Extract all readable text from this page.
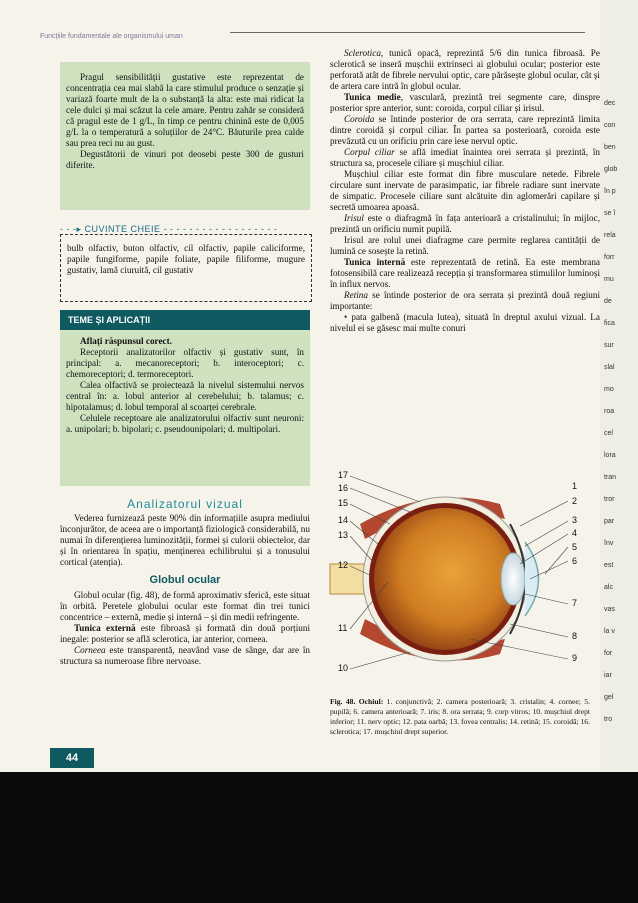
Funcțiile fundamentale ale organismului uman

Pragul sensibilității gustative este reprezentat de concentrația cea mai slabă la care stimulul produce o senzație și variază foarte mult de la o substanță la alta: este mai ridicat la cele dulci și mai scăzut la cele amare. Pentru zahăr se consideră că pragul este de 1 g/L, în timp ce pentru chinină este de 0,005 g/L la o temperatură a soluțiilor de 24°C. Băuturile prea calde sau prea reci nu au gust.

Degustătorii de vinuri pot deosebi peste 300 de gusturi diferite.

- - -▸ CUVINTE CHEIE - - - - - - - - - - - - - - - - - -

bulb olfactiv, buton olfactiv, cil olfactiv, papile caliciforme, papile fungiforme, papile foliate, papile filiforme, mugure gustativ, lamă ciuruită, cil gustativ

TEME ȘI APLICAȚII

Aflați răspunsul corect.

Receptorii analizatorilor olfactiv și gustativ sunt, în principal: a. mecanoreceptori; b. interoceptori; c. chemoreceptori; d. termoreceptori.

Calea olfactivă se proiectează la nivelul sistemului nervos central în: a. lobul anterior al cerebelului; b. talamus; c. hipotalamus; d. lobul temporal al scoarței cerebrale.

Celulele receptoare ale analizatorului olfactiv sunt neuroni: a. unipolari; b. bipolari; c. pseudounipolari; d. multipolari.

Analizatorul vizual

Vederea furnizează peste 90% din informațiile asupra mediului înconjurător, de aceea are o importanță fiziologică considerabilă, nu numai în diferențierea luminozității, formei și culorii obiectelor, dar și în orientarea în spațiu, menținerea echilibrului și a tonusului cortical (atenția).

Globul ocular

Globul ocular (fig. 48), de formă aproximativ sferică, este situat în orbită. Peretele globului ocular este format din trei tunici concentrice – externă, medie și internă – și din medii refringente.

Tunica externă este fibroasă și formată din două porțiuni inegale: posterior se află sclerotica, iar anterior, corneea.

Corneea este transparentă, neavând vase de sânge, dar are în structura sa numeroase fibre nervoase.

44

Sclerotica, tunică opacă, reprezintă 5/6 din tunica fibroasă. Pe sclerotică se inseră mușchii extrinseci ai globului ocular; posterior este perforată atât de fibrele nervului optic, care părăsește globul ocular, cât și de artera care intră în globul ocular.

Tunica medie, vasculară, prezintă trei segmente care, dinspre posterior spre anterior, sunt: coroida, corpul ciliar și irisul.

Coroida se întinde posterior de ora serrata, care reprezintă limita dintre coroidă și corpul ciliar. În partea sa posterioară, coroida este prevăzută cu un orificiu prin care iese nervul optic.

Corpul ciliar se află imediat înaintea orei serrata și prezintă, în structura sa, procesele ciliare și mușchiul ciliar.

Mușchiul ciliar este format din fibre musculare netede. Fibrele circulare sunt inervate de parasimpatic, iar fibrele radiare sunt inervate de simpatic. Procesele ciliare sunt alcătuite din aglomerări capilare și secretă umoarea apoasă.

Irisul este o diafragmă în fața anterioară a cristalinului; în mijloc, prezintă un orificiu numit pupilă.

Irisul are rolul unei diafragme care permite reglarea cantității de lumină ce sosește la retină.

Tunica internă este reprezentată de retină. Ea este membrana fotosensibilă care realizează recepția și transformarea stimulilor luminoși în influx nervos.

Retina se întinde posterior de ora serrata și prezintă două regiuni importante:

• pata galbenă (macula lutea), situată în dreptul axului vizual. La nivelul ei se găsesc mai multe conuri

17
16
15
14
13
12
11
10
1
2
3
4
5
6
7
8
9
Fig. 48. Ochiul: 1. conjunctivă; 2. camera posterioară; 3. cristalin; 4. cornee; 5. pupilă; 6. camera anterioară; 7. iris; 8. ora serrata; 9. corp vitros; 10. mușchiul drept inferior; 11. nerv optic; 12. pata oarbă; 13. fovea centralis; 14. retină; 15. coroidă; 16. sclerotica; 17. mușchiul drept superior.
dec
con
ben
glob
în p
se î
rela
forr
mu
de
fica
sur
slal
mo
roa
cel
lora
tran
tror
par
înv
est
alc
vas
la v
for
iar
gel
tro
